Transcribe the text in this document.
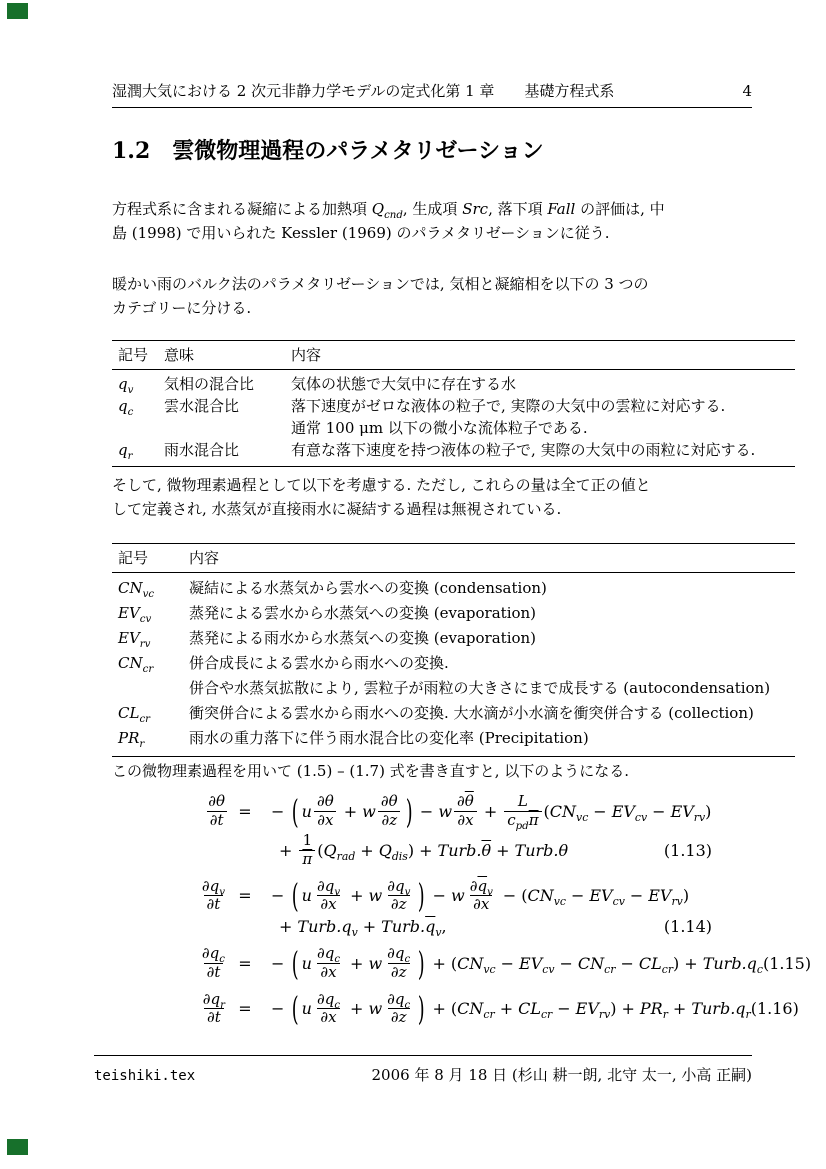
湿潤大気における 2 次元非静力学モデルの定式化第 1 章　　基礎方程式系	4
1.2 雲微物理過程のパラメタリゼーション
方程式系に含まれる凝縮による加熱項 $Q_{cnd}$, 生成項 Src, 落下項 Fall の評価は, 中
島 (1998) で用いられた Kessler (1969) のパラメタリゼーションに従う.
暖かい雨のバルク法のパラメタリゼーションでは, 気相と凝縮相を以下の 3 つの
カテゴリーに分ける.
記号	意味	内容
$q_v$	気相の混合比	気体の状態で大気中に存在する水
$q_c$	雲水混合比	落下速度がゼロな液体の粒子で, 実際の大気中の雲粒に対応する.
通常 100 μm 以下の微小な流体粒子である.
$q_r$	雨水混合比	有意な落下速度を持つ液体の粒子で, 実際の大気中の雨粒に対応する.
そして, 微物理素過程として以下を考慮する. ただし, これらの量は全て正の値と
して定義され, 水蒸気が直接雨水に凝結する過程は無視されている.
記号	内容
$CN_{vc}$	凝結による水蒸気から雲水への変換 (condensation)
$EV_{cv}$	蒸発による雲水から水蒸気への変換 (evaporation)
$EV_{rv}$	蒸発による雨水から水蒸気への変換 (evaporation)
$CN_{cr}$	併合成長による雲水から雨水への変換.
併合や水蒸気拡散により, 雲粒子が雨粒の大きさにまで成長する (autocondensation)
$CL_{cr}$	衝突併合による雲水から雨水への変換. 大水滴が小水滴を衝突併合する (collection)
$PR_r$	雨水の重力落下に伴う雨水混合比の変化率 (Precipitation)
この微物理素過程を用いて (1.5) – (1.7) 式を書き直すと, 以下のようになる.
$\frac{\partial\theta}{\partial t}$ =	− ( u $\frac{\partial\theta}{\partial x} + w \frac{\partial\theta}{\partial z}$ ) − w $\frac{\partial \overline{\theta}}{\partial x} + \frac{L}{c_{pd} \overline{\pi}}$ ( $CN_{vc} - EV_{cv} - EV_{rv}$ )
+ $\frac{1}{\pi}$ ( $Q_{rad} + Q_{dis}$ ) + Turb. $\overline{\theta}$ + Turb.θ	(1.13)
$\frac{\partial q_v}{\partial t}$ =	− ( u $\frac{\partial q_v}{\partial x} + w \frac{\partial q_v}{\partial z}$ ) − w $\frac{\partial \overline{q}_v}{\partial x}$ − ( $CN_{vc} - EV_{cv} - EV_{rv}$ )
+ $Turb.q_v$ + Turb. $\overline{q}_v$ ,	(1.14)
$\frac{\partial q_c}{\partial t}$ =	− ( u $\frac{\partial q_c}{\partial x} + w \frac{\partial q_c}{\partial z}$ ) + ( $CN_{vc} - EV_{cv} - CN_{cr} - CL_{cr}$ ) + $Turb.q_c$ (1.15)
$\frac{\partial q_r}{\partial t}$ =	− ( u $\frac{\partial q_c}{\partial x} + w \frac{\partial q_c}{\partial z}$ ) + ( $CN_{cr} + CL_{cr} - EV_{rv}$ ) + $PR_r$ + $Turb.q_r$ (1.16)
teishiki.tex	2006 年 8 月 18 日 (杉山 耕一朗, 北守 太一, 小高 正嗣)
